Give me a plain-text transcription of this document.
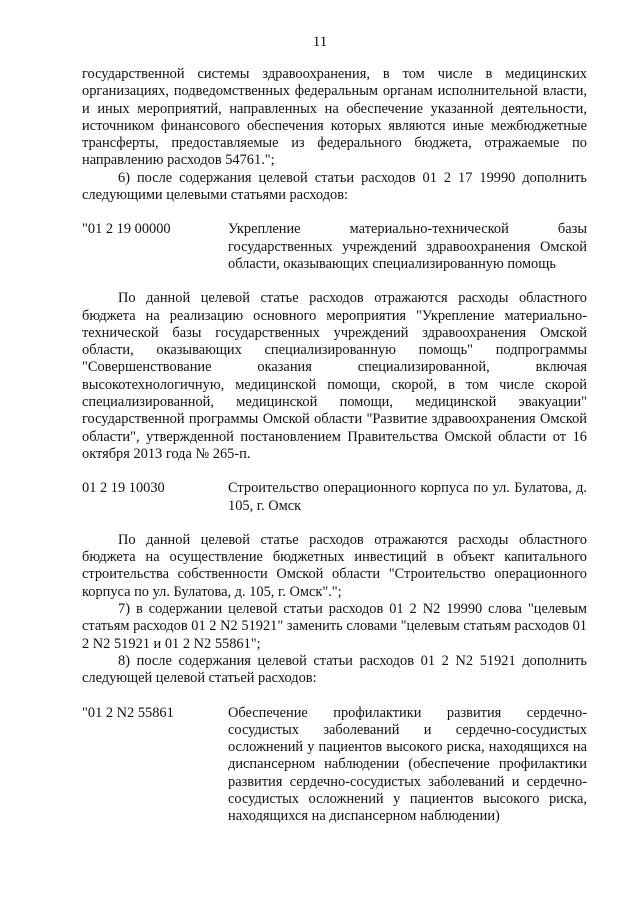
11

государственной системы здравоохранения, в том числе в медицинских организациях, подведомственных федеральным органам исполнительной власти, и иных мероприятий, направленных на обеспечение указанной деятельности, источником финансового обеспечения которых являются иные межбюджетные трансферты, предоставляемые из федерального бюджета, отражаемые по направлению расходов 54761.";

6) после содержания целевой статьи расходов 01 2 17 19990 дополнить следующими целевыми статьями расходов:

"01 2 19 00000	Укрепление материально-технической базы государственных учреждений здравоохранения Омской области, оказывающих специализированную помощь

По данной целевой статье расходов отражаются расходы областного бюджета на реализацию основного мероприятия "Укрепление материально-технической базы государственных учреждений здравоохранения Омской области, оказывающих специализированную помощь" подпрограммы "Совершенствование оказания специализированной, включая высокотехнологичную, медицинской помощи, скорой, в том числе скорой специализированной, медицинской помощи, медицинской эвакуации" государственной программы Омской области "Развитие здравоохранения Омской области", утвержденной постановлением Правительства Омской области от 16 октября 2013 года № 265-п.

01 2 19 10030	Строительство операционного корпуса по ул. Булатова, д. 105, г. Омск

По данной целевой статье расходов отражаются расходы областного бюджета на осуществление бюджетных инвестиций в объект капитального строительства собственности Омской области "Строительство операционного корпуса по ул. Булатова, д. 105, г. Омск".";

7) в содержании целевой статьи расходов 01 2 N2 19990 слова "целевым статьям расходов 01 2 N2 51921" заменить словами "целевым статьям расходов 01 2 N2 51921 и 01 2 N2 55861";

8) после содержания целевой статьи расходов 01 2 N2 51921 дополнить следующей целевой статьей расходов:

"01 2 N2 55861	Обеспечение профилактики развития сердечно-сосудистых заболеваний и сердечно-сосудистых осложнений у пациентов высокого риска, находящихся на диспансерном наблюдении (обеспечение профилактики развития сердечно-сосудистых заболеваний и сердечно-сосудистых осложнений у пациентов высокого риска, находящихся на диспансерном наблюдении)
